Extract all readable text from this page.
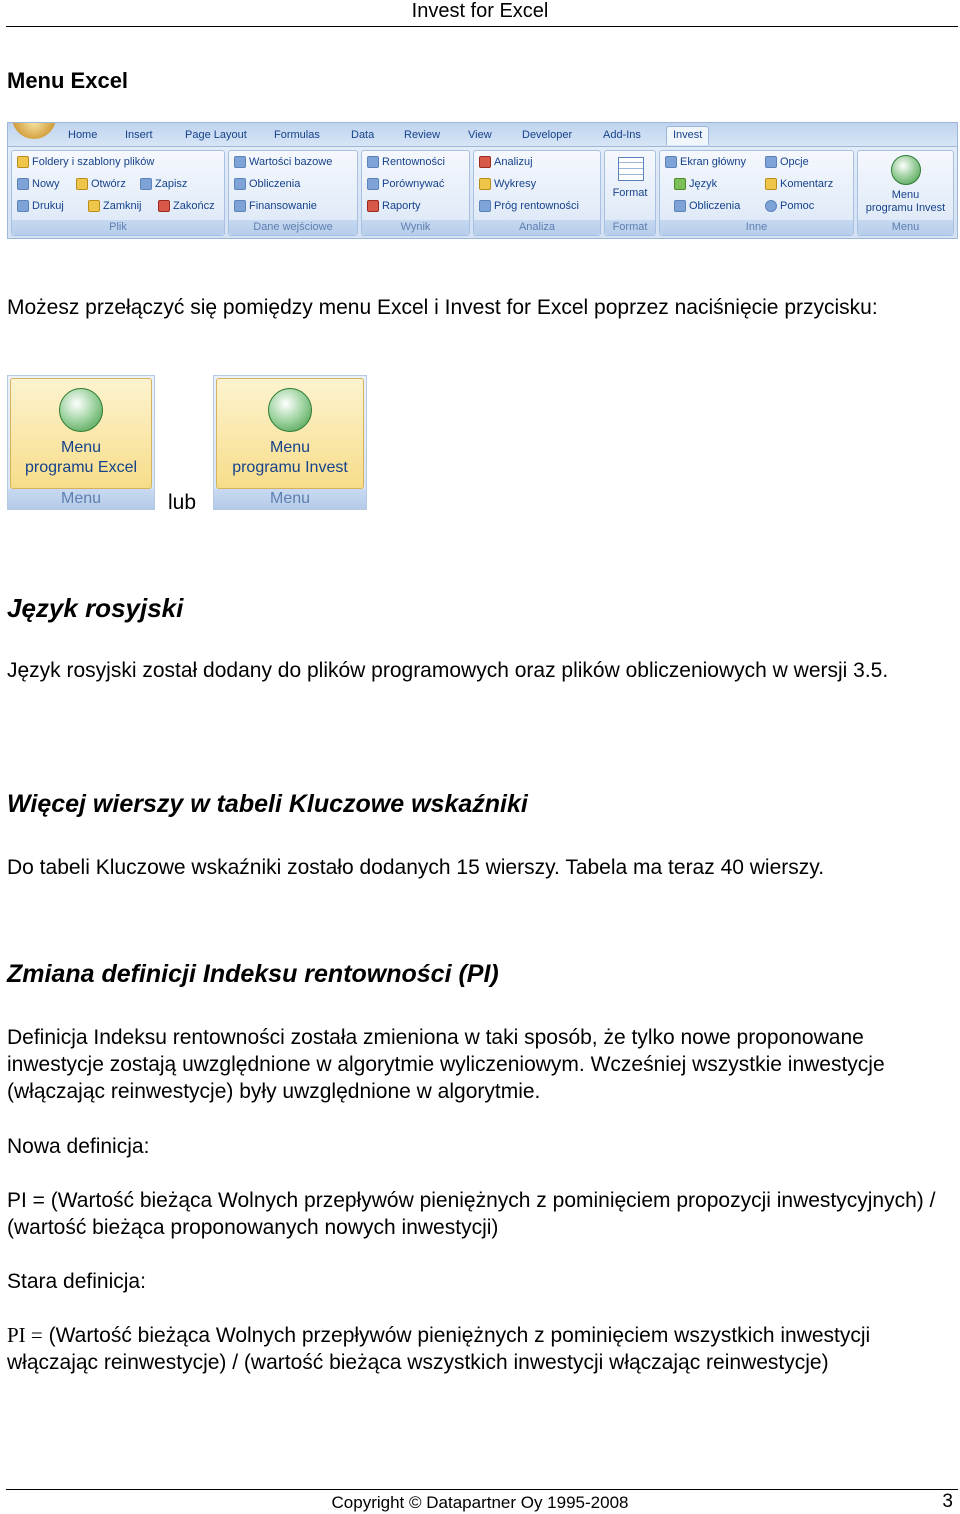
Invest for Excel
Menu Excel
Home	Insert	Page Layout Formulas	Data	Review	View	Developer	Add-Ins	Invest
Foldery i szablony plików
Nowy	Otwórz	Zapisz
Drukuj	Zamknij	Zakończ
Plik
Wartości bazowe
Obliczenia
Finansowanie
Dane wejściowe
Rentowności
Porównywać
Raporty
Wynik
Analizuj
Wykresy
Próg rentowności
Analiza
Format
Format
Ekran główny	Opcje
Język	Komentarz
Obliczenia	Pomoc
Inne
Menu
programu Invest
Menu
Możesz przełączyć się pomiędzy menu Excel i Invest for Excel poprzez naciśnięcie przycisku:
Menu
programu Excel
Menu	lub
Menu
programu Invest
Menu
Język rosyjski
Język rosyjski został dodany do plików programowych oraz plików obliczeniowych w wersji 3.5.
Więcej wierszy w tabeli Kluczowe wskaźniki
Do tabeli Kluczowe wskaźniki zostało dodanych 15 wierszy. Tabela ma teraz 40 wierszy.
Zmiana definicji Indeksu rentowności (PI)
Definicja Indeksu rentowności została zmieniona w taki sposób, że tylko nowe proponowane inwestycje zostają uwzględnione w algorytmie wyliczeniowym. Wcześniej wszystkie inwestycje (włączając reinwestycje) były uwzględnione w algorytmie.
Nowa definicja:
PI = (Wartość bieżąca Wolnych przepływów pieniężnych z pominięciem propozycji inwestycyjnych) / (wartość bieżąca proponowanych nowych inwestycji)
Stara definicja:
PI = (Wartość bieżąca Wolnych przepływów pieniężnych z pominięciem wszystkich inwestycji włączając reinwestycje) / (wartość bieżąca wszystkich inwestycji włączając reinwestycje)
Copyright © Datapartner Oy 1995-2008	3
